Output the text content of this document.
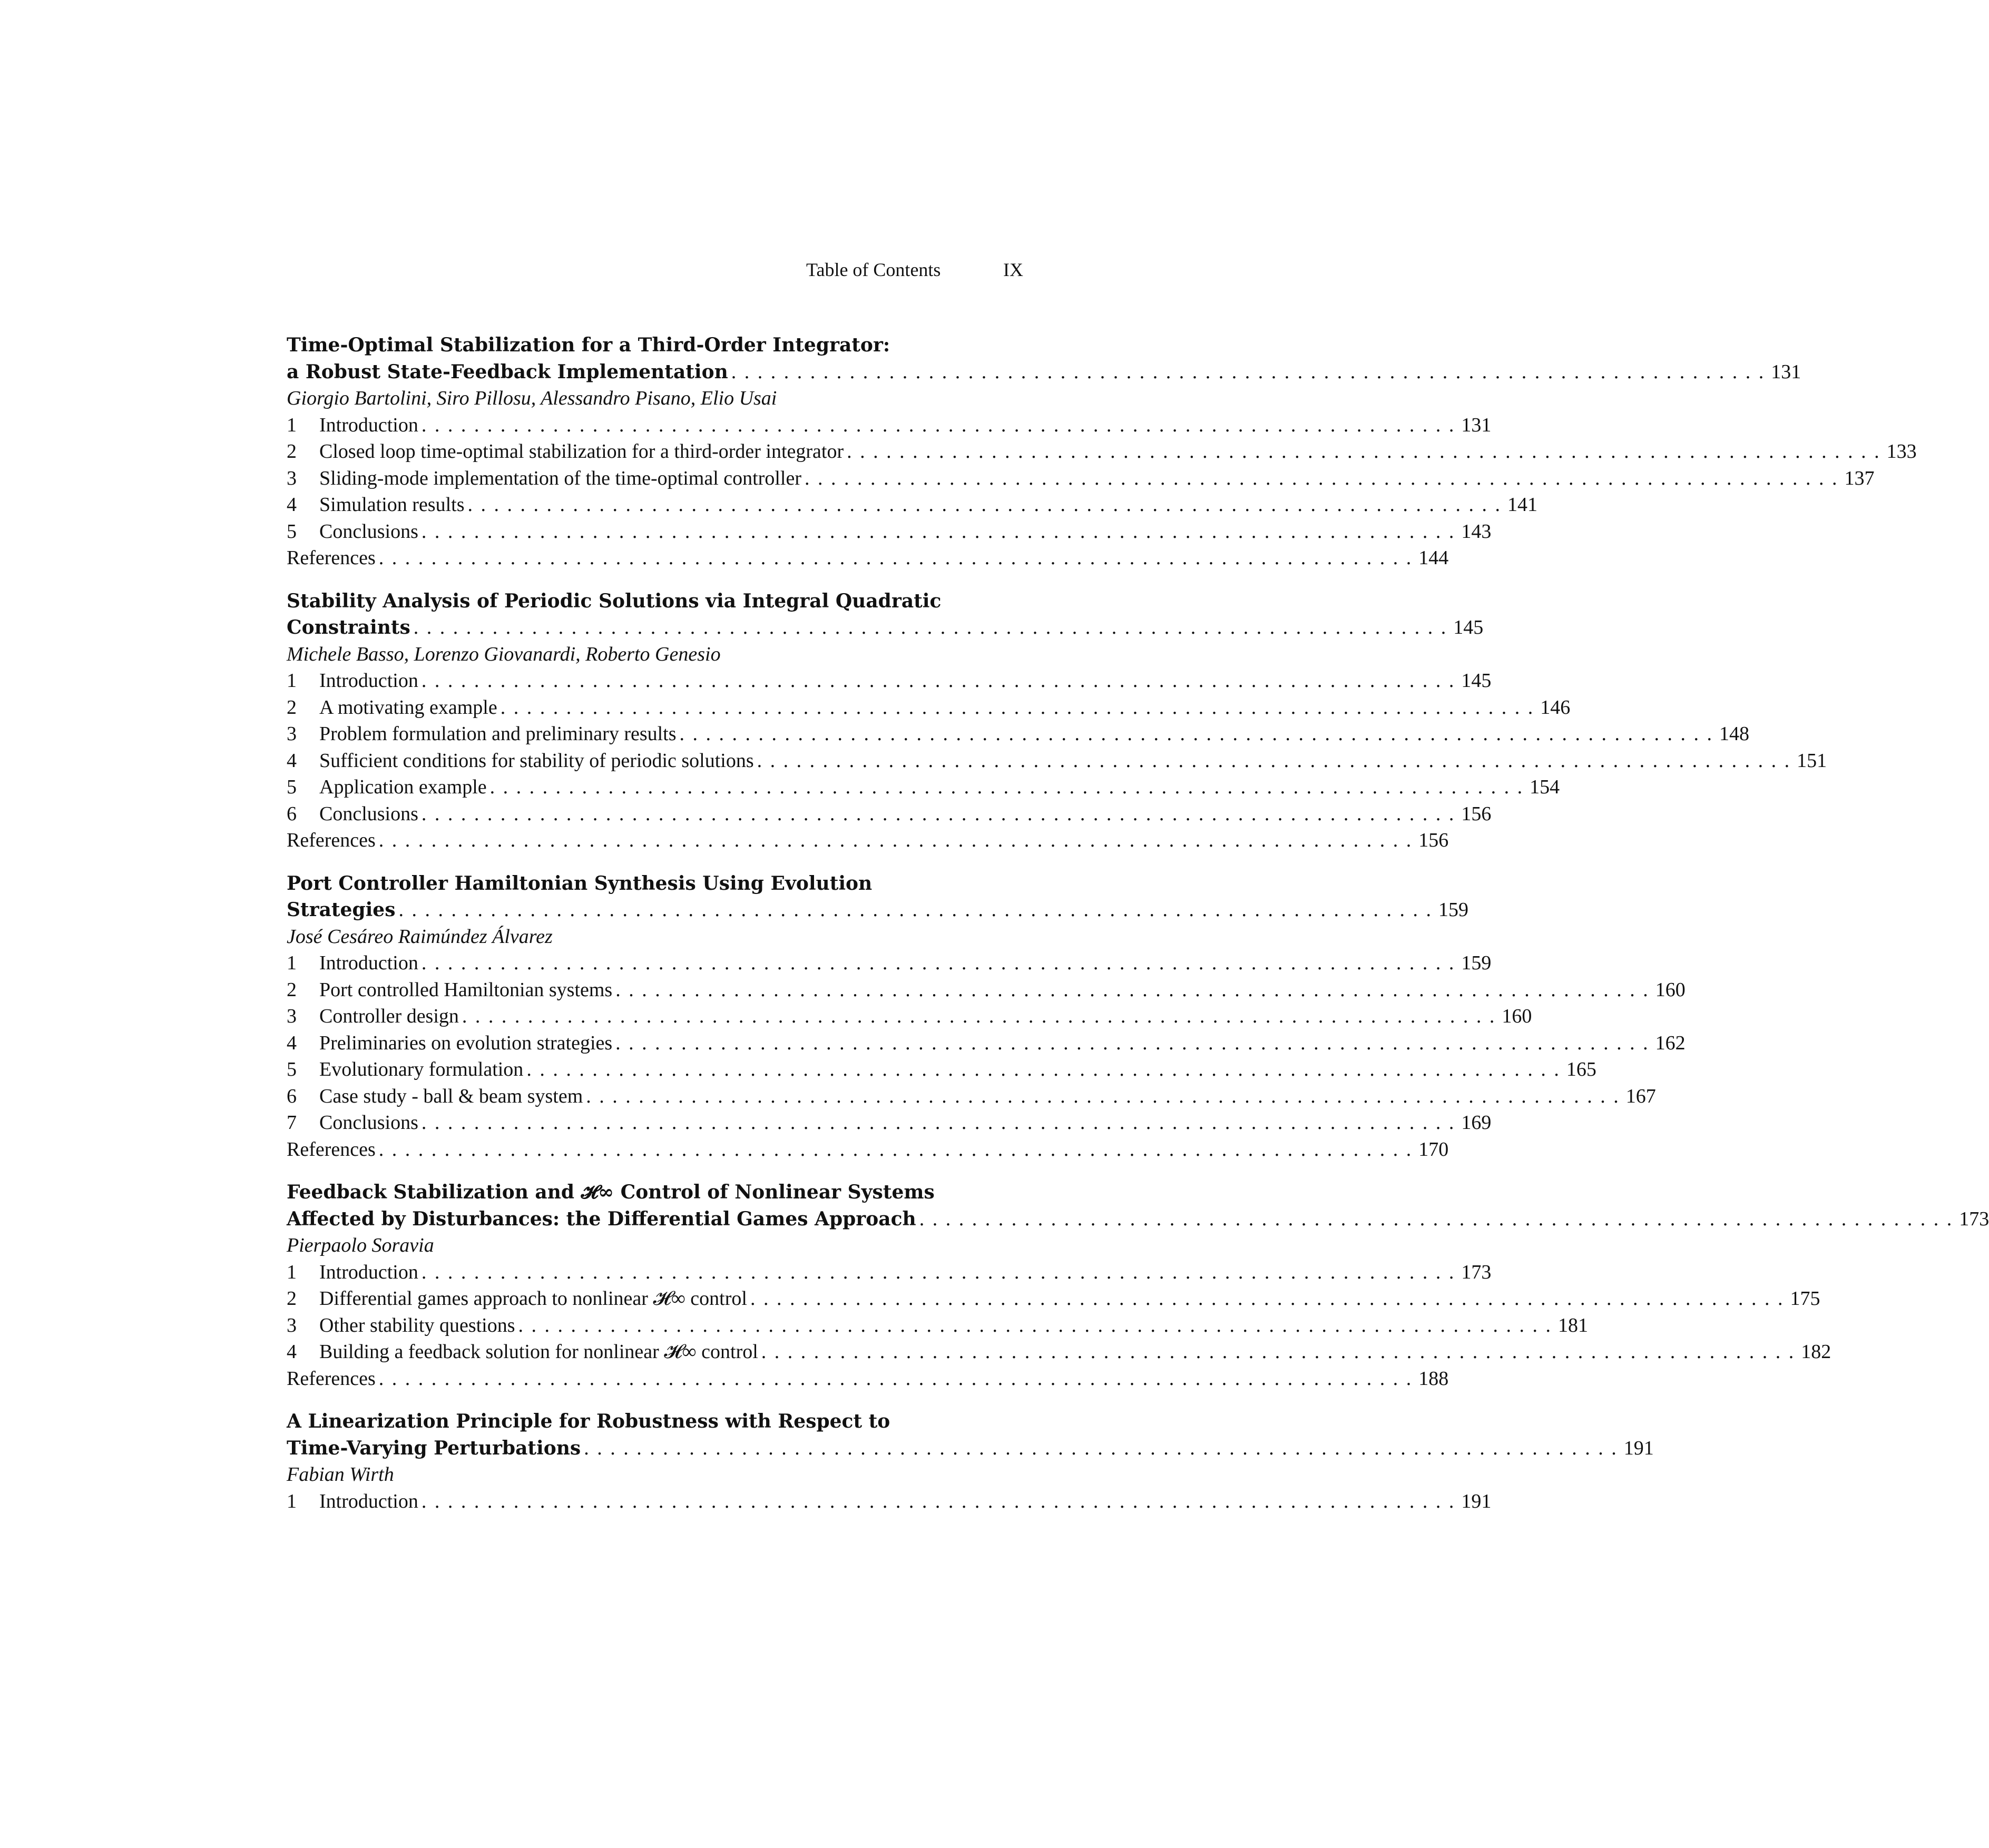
Table of Contents	IX
Time-Optimal Stabilization for a Third-Order Integrator:
a Robust State-Feedback Implementation . . . . . . . . . . . . . . . . . . . . . . . . . . . . . . . . . . . . . . . . . . . . . . . . . . . . . . . . . . . . . . . . . . . . . . . . . . . . . . . 131
Giorgio Bartolini, Siro Pillosu, Alessandro Pisano, Elio Usai
1	Introduction . . . . . . . . . . . . . . . . . . . . . . . . . . . . . . . . . . . . . . . . . . . . . . . . . . . . . . . . . . . . . . . . . . . . . . . . . . . . . . . 131
2	Closed loop time-optimal stabilization for a third-order integrator . . . . . . . . . . . . . . . . . . . . . . . . . . . . . . . . . . . . . . . . . . . . . . . . . . . . . . . . . . . . . . . . . . . . . . . . . . . . . . . 133
3	Sliding-mode implementation of the time-optimal controller . . . . . . . . . . . . . . . . . . . . . . . . . . . . . . . . . . . . . . . . . . . . . . . . . . . . . . . . . . . . . . . . . . . . . . . . . . . . . . . 137
4	Simulation results . . . . . . . . . . . . . . . . . . . . . . . . . . . . . . . . . . . . . . . . . . . . . . . . . . . . . . . . . . . . . . . . . . . . . . . . . . . . . . . 141
5	Conclusions . . . . . . . . . . . . . . . . . . . . . . . . . . . . . . . . . . . . . . . . . . . . . . . . . . . . . . . . . . . . . . . . . . . . . . . . . . . . . . . 143
References . . . . . . . . . . . . . . . . . . . . . . . . . . . . . . . . . . . . . . . . . . . . . . . . . . . . . . . . . . . . . . . . . . . . . . . . . . . . . . . 144
Stability Analysis of Periodic Solutions via Integral Quadratic
Constraints . . . . . . . . . . . . . . . . . . . . . . . . . . . . . . . . . . . . . . . . . . . . . . . . . . . . . . . . . . . . . . . . . . . . . . . . . . . . . . . 145
Michele Basso, Lorenzo Giovanardi, Roberto Genesio
1	Introduction . . . . . . . . . . . . . . . . . . . . . . . . . . . . . . . . . . . . . . . . . . . . . . . . . . . . . . . . . . . . . . . . . . . . . . . . . . . . . . . 145
2	A motivating example . . . . . . . . . . . . . . . . . . . . . . . . . . . . . . . . . . . . . . . . . . . . . . . . . . . . . . . . . . . . . . . . . . . . . . . . . . . . . . . 146
3	Problem formulation and preliminary results . . . . . . . . . . . . . . . . . . . . . . . . . . . . . . . . . . . . . . . . . . . . . . . . . . . . . . . . . . . . . . . . . . . . . . . . . . . . . . . 148
4	Sufficient conditions for stability of periodic solutions . . . . . . . . . . . . . . . . . . . . . . . . . . . . . . . . . . . . . . . . . . . . . . . . . . . . . . . . . . . . . . . . . . . . . . . . . . . . . . . 151
5	Application example . . . . . . . . . . . . . . . . . . . . . . . . . . . . . . . . . . . . . . . . . . . . . . . . . . . . . . . . . . . . . . . . . . . . . . . . . . . . . . . 154
6	Conclusions . . . . . . . . . . . . . . . . . . . . . . . . . . . . . . . . . . . . . . . . . . . . . . . . . . . . . . . . . . . . . . . . . . . . . . . . . . . . . . . 156
References . . . . . . . . . . . . . . . . . . . . . . . . . . . . . . . . . . . . . . . . . . . . . . . . . . . . . . . . . . . . . . . . . . . . . . . . . . . . . . . 156
Port Controller Hamiltonian Synthesis Using Evolution
Strategies . . . . . . . . . . . . . . . . . . . . . . . . . . . . . . . . . . . . . . . . . . . . . . . . . . . . . . . . . . . . . . . . . . . . . . . . . . . . . . . 159
José Cesáreo Raimúndez Álvarez
1	Introduction . . . . . . . . . . . . . . . . . . . . . . . . . . . . . . . . . . . . . . . . . . . . . . . . . . . . . . . . . . . . . . . . . . . . . . . . . . . . . . . 159
2	Port controlled Hamiltonian systems . . . . . . . . . . . . . . . . . . . . . . . . . . . . . . . . . . . . . . . . . . . . . . . . . . . . . . . . . . . . . . . . . . . . . . . . . . . . . . . 160
3	Controller design . . . . . . . . . . . . . . . . . . . . . . . . . . . . . . . . . . . . . . . . . . . . . . . . . . . . . . . . . . . . . . . . . . . . . . . . . . . . . . . 160
4	Preliminaries on evolution strategies . . . . . . . . . . . . . . . . . . . . . . . . . . . . . . . . . . . . . . . . . . . . . . . . . . . . . . . . . . . . . . . . . . . . . . . . . . . . . . . 162
5	Evolutionary formulation . . . . . . . . . . . . . . . . . . . . . . . . . . . . . . . . . . . . . . . . . . . . . . . . . . . . . . . . . . . . . . . . . . . . . . . . . . . . . . . 165
6	Case study - ball & beam system . . . . . . . . . . . . . . . . . . . . . . . . . . . . . . . . . . . . . . . . . . . . . . . . . . . . . . . . . . . . . . . . . . . . . . . . . . . . . . . 167
7	Conclusions . . . . . . . . . . . . . . . . . . . . . . . . . . . . . . . . . . . . . . . . . . . . . . . . . . . . . . . . . . . . . . . . . . . . . . . . . . . . . . . 169
References . . . . . . . . . . . . . . . . . . . . . . . . . . . . . . . . . . . . . . . . . . . . . . . . . . . . . . . . . . . . . . . . . . . . . . . . . . . . . . . 170
Feedback Stabilization and 𝓗∞ Control of Nonlinear Systems
Affected by Disturbances: the Differential Games Approach . . . . . . . . . . . . . . . . . . . . . . . . . . . . . . . . . . . . . . . . . . . . . . . . . . . . . . . . . . . . . . . . . . . . . . . . . . . . . . . 173
Pierpaolo Soravia
1	Introduction . . . . . . . . . . . . . . . . . . . . . . . . . . . . . . . . . . . . . . . . . . . . . . . . . . . . . . . . . . . . . . . . . . . . . . . . . . . . . . . 173
2	Differential games approach to nonlinear 𝓗∞ control . . . . . . . . . . . . . . . . . . . . . . . . . . . . . . . . . . . . . . . . . . . . . . . . . . . . . . . . . . . . . . . . . . . . . . . . . . . . . . . 175
3	Other stability questions . . . . . . . . . . . . . . . . . . . . . . . . . . . . . . . . . . . . . . . . . . . . . . . . . . . . . . . . . . . . . . . . . . . . . . . . . . . . . . . 181
4	Building a feedback solution for nonlinear 𝓗∞ control . . . . . . . . . . . . . . . . . . . . . . . . . . . . . . . . . . . . . . . . . . . . . . . . . . . . . . . . . . . . . . . . . . . . . . . . . . . . . . . 182
References . . . . . . . . . . . . . . . . . . . . . . . . . . . . . . . . . . . . . . . . . . . . . . . . . . . . . . . . . . . . . . . . . . . . . . . . . . . . . . . 188
A Linearization Principle for Robustness with Respect to
Time-Varying Perturbations . . . . . . . . . . . . . . . . . . . . . . . . . . . . . . . . . . . . . . . . . . . . . . . . . . . . . . . . . . . . . . . . . . . . . . . . . . . . . . . 191
Fabian Wirth
1	Introduction . . . . . . . . . . . . . . . . . . . . . . . . . . . . . . . . . . . . . . . . . . . . . . . . . . . . . . . . . . . . . . . . . . . . . . . . . . . . . . . 191
